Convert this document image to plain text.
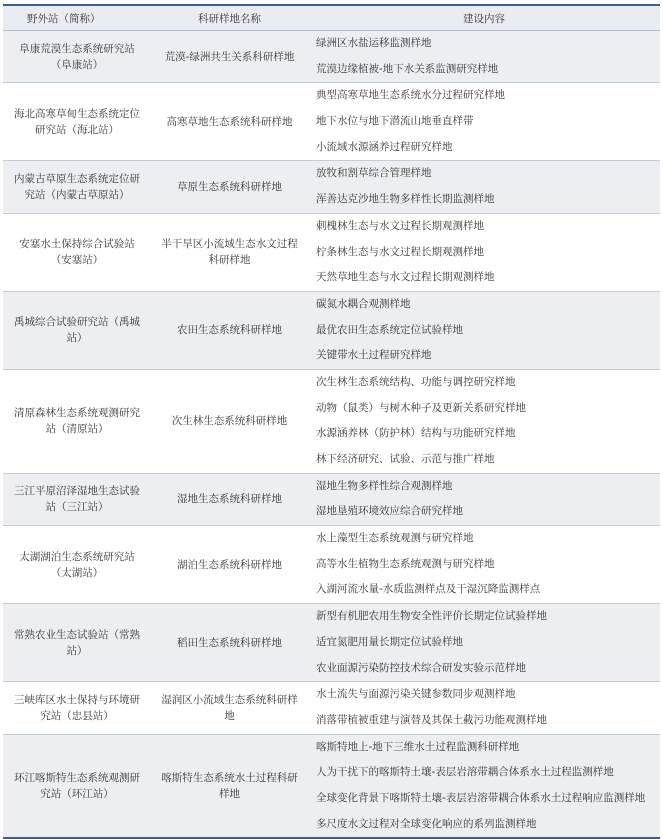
野外站（简称）	科研样地名称	建设内容
阜康荒漠生态系统研究站（阜康站）	荒漠-绿洲共生关系科研样地	绿洲区水盐运移监测样地
荒漠边缘植被-地下水关系监测研究样地

海北高寒草甸生态系统定位研究站（海北站）	高寒草地生态系统科研样地	典型高寒草地生态系统水分过程研究样地
地下水位与地下潜流山地垂直样带
小流域水源涵养过程研究样地

内蒙古草原生态系统定位研究站（内蒙古草原站）	草原生态系统科研样地	放牧和割草综合管理样地
浑善达克沙地生物多样性长期监测样地

安塞水土保持综合试验站（安塞站）	半干旱区小流域生态水文过程科研样地	刺槐林生态与水文过程长期观测样地
柠条林生态与水文过程长期观测样地
天然草地生态与水文过程长期观测样地

禹城综合试验研究站（禹城站）	农田生态系统科研样地	碳氮水耦合观测样地
最优农田生态系统定位试验样地
关键带水土过程研究样地

清原森林生态系统观测研究站（清原站）	次生林生态系统科研样地	次生林生态系统结构、功能与调控研究样地
动物（鼠类）与树木种子及更新关系研究样地
水源涵养林（防护林）结构与功能研究样地
林下经济研究、试验、示范与推广样地

三江平原沼泽湿地生态试验站（三江站）	湿地生态系统科研样地	湿地生物多样性综合观测样地
湿地垦殖环境效应综合研究样地

太湖湖泊生态系统研究站（太湖站）	湖泊生态系统科研样地	水上藻型生态系统观测与研究样地
高等水生植物生态系统观测与研究样地
入湖河流水量-水质监测样点及干湿沉降监测样点

常熟农业生态试验站（常熟站）	稻田生态系统科研样地	新型有机肥农用生物安全性评价长期定位试验样地
适宜氮肥用量长期定位试验样地
农业面源污染防控技术综合研发实验示范样地

三峡库区水土保持与环境研究站（忠县站）	湿润区小流域生态系统科研样地	水土流失与面源污染关键参数同步观测样地
消落带植被重建与演替及其保土截污功能观测样地

环江喀斯特生态系统观测研究站（环江站）	喀斯特生态系统水土过程科研样地	喀斯特地上-地下三维水土过程监测科研样地
人为干扰下的喀斯特土壤-表层岩溶带耦合体系水土过程监测样地
全球变化背景下喀斯特土壤-表层岩溶带耦合体系水土过程响应监测样地
多尺度水文过程对全球变化响应的系列监测样地
